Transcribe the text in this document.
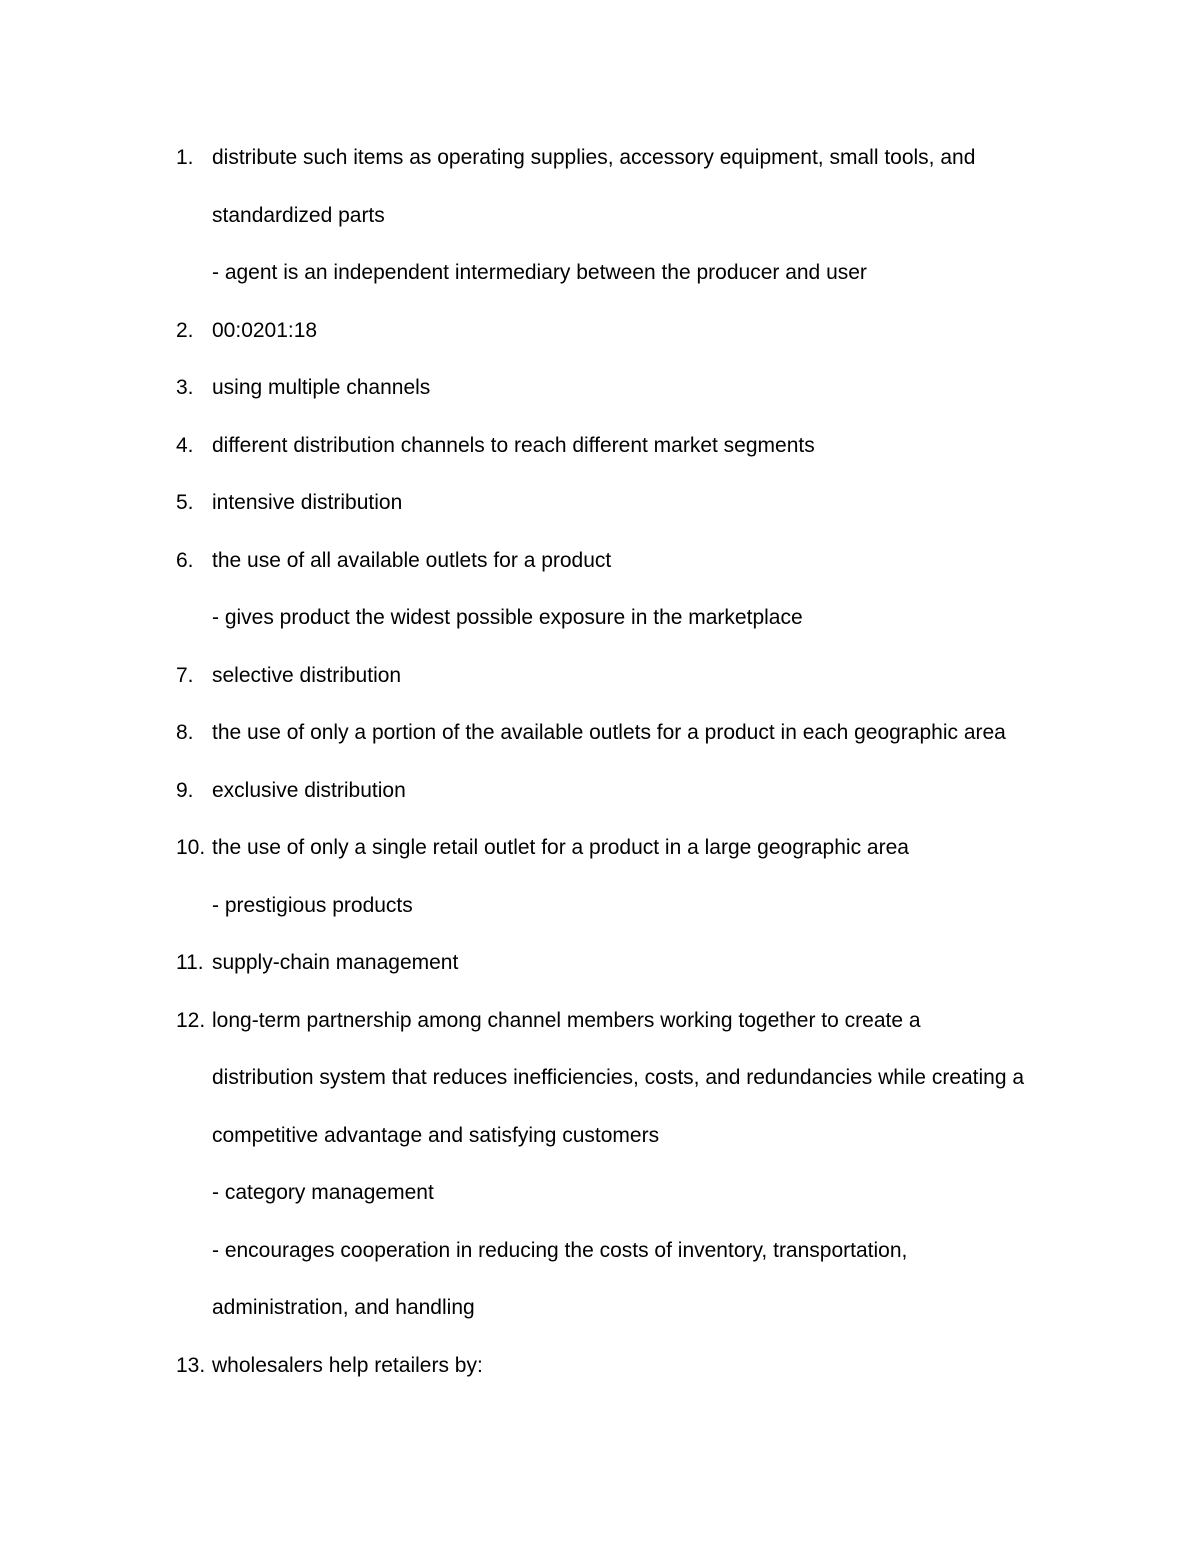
1. distribute such items as operating supplies, accessory equipment, small tools, and
standardized parts
- agent is an independent intermediary between the producer and user
2. 00:0201:18
3. using multiple channels
4. different distribution channels to reach different market segments
5. intensive distribution
6. the use of all available outlets for a product
- gives product the widest possible exposure in the marketplace
7. selective distribution
8. the use of only a portion of the available outlets for a product in each geographic area
9. exclusive distribution
10. the use of only a single retail outlet for a product in a large geographic area
- prestigious products
11. supply-chain management
12. long-term partnership among channel members working together to create a
distribution system that reduces inefficiencies, costs, and redundancies while creating a
competitive advantage and satisfying customers
- category management
- encourages cooperation in reducing the costs of inventory, transportation,
administration, and handling
13. wholesalers help retailers by:
